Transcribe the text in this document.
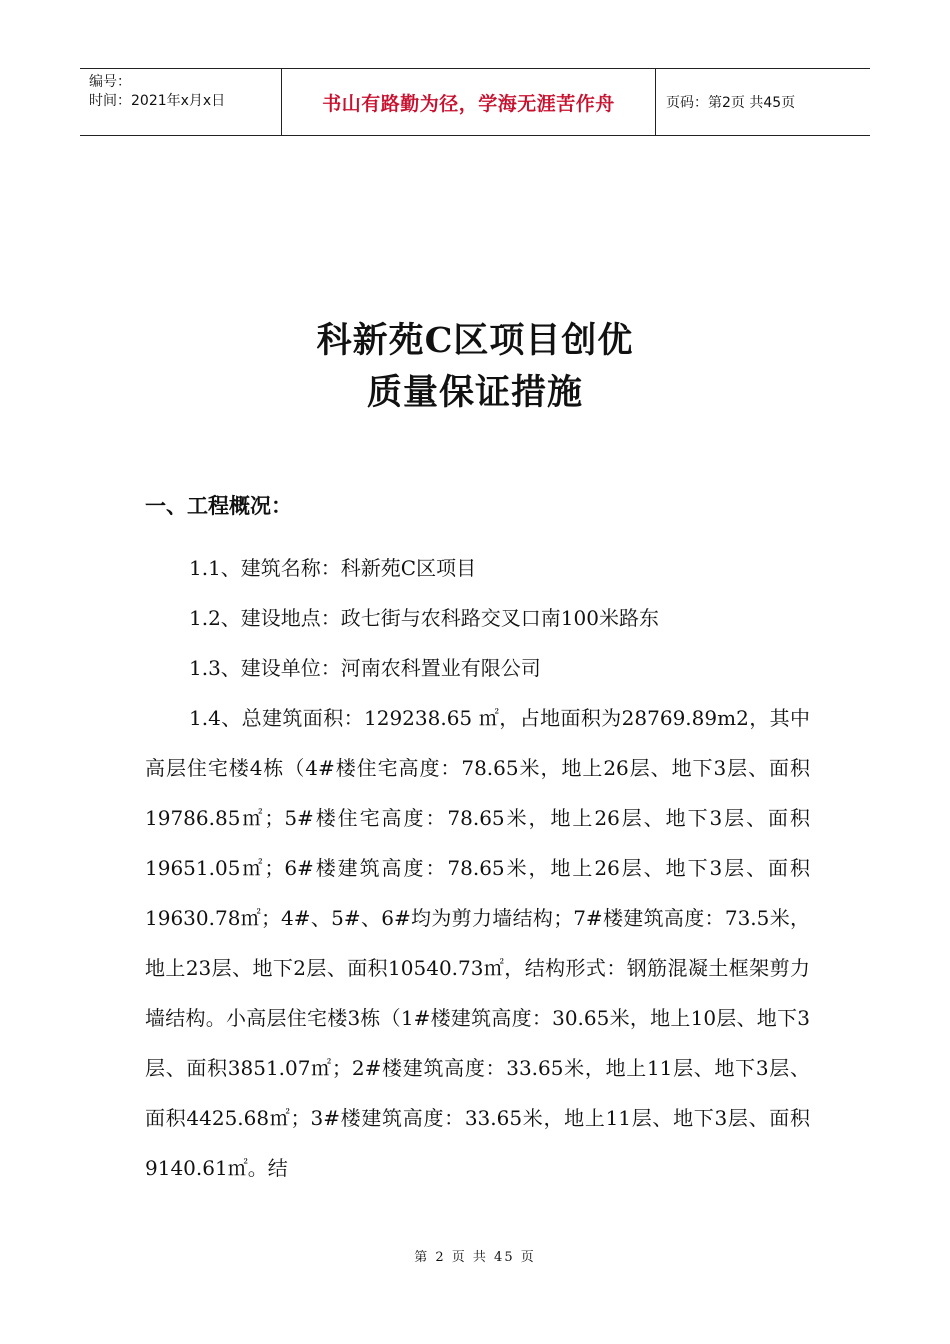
编号：
时间：2021年x月x日	书山有路勤为径，学海无涯苦作舟	页码：第2页 共45页
科新苑C区项目创优
质量保证措施
一、工程概况：
1.1、建筑名称：科新苑C区项目
1.2、建设地点：政七街与农科路交叉口南100米路东
1.3、建设单位：河南农科置业有限公司
1.4、总建筑面积：129238.65 ㎡，占地面积为28769.89m2，其中高层住宅楼4栋（4#楼住宅高度：78.65米，地上26层、地下3层、面积19786.85㎡；5#楼住宅高度：78.65米，地上26层、地下3层、面积19651.05㎡；6#楼建筑高度：78.65米，地上26层、地下3层、面积19630.78㎡；4#、5#、6#均为剪力墙结构；7#楼建筑高度：73.5米，地上23层、地下2层、面积10540.73㎡，结构形式：钢筋混凝土框架剪力墙结构。小高层住宅楼3栋（1#楼建筑高度：30.65米，地上10层、地下3层、面积3851.07㎡；2#楼建筑高度：33.65米，地上11层、地下3层、面积4425.68㎡；3#楼建筑高度：33.65米，地上11层、地下3层、面积9140.61㎡。结
第 2 页 共 45 页
